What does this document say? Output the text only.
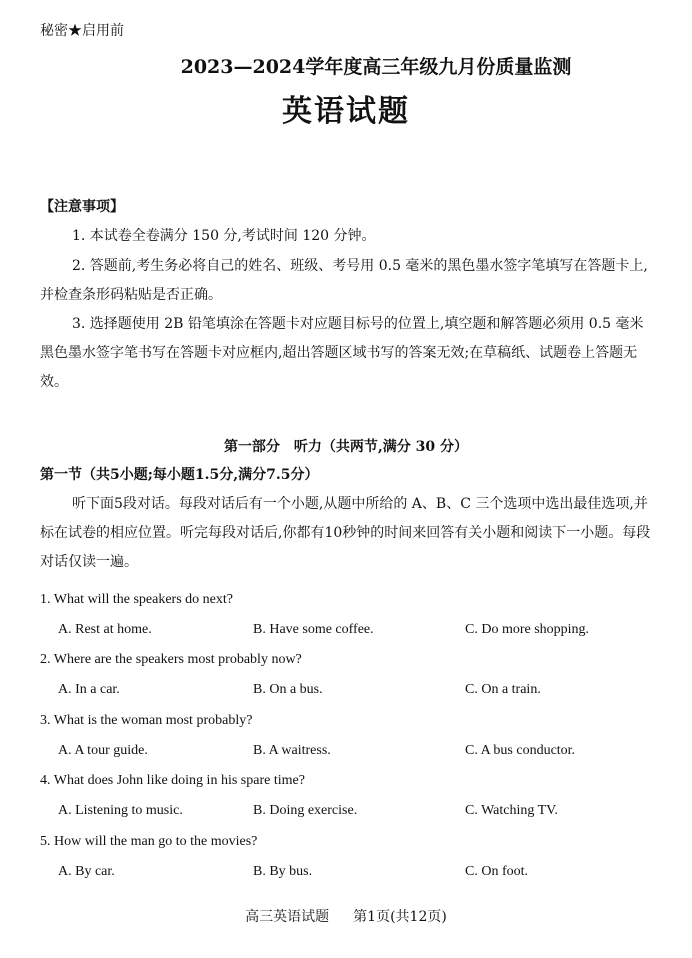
秘密★启用前
2023—2024学年度高三年级九月份质量监测
英语试题
【注意事项】
1. 本试卷全卷满分 150 分,考试时间 120 分钟。
2. 答题前,考生务必将自己的姓名、班级、考号用 0.5 毫米的黑色墨水签字笔填写在答题卡上,并检查条形码粘贴是否正确。
3. 选择题使用 2B 铅笔填涂在答题卡对应题目标号的位置上,填空题和解答题必须用 0.5 毫米黑色墨水签字笔书写在答题卡对应框内,超出答题区域书写的答案无效;在草稿纸、试题卷上答题无效。
第一部分　听力（共两节,满分 30 分）
第一节（共5小题;每小题1.5分,满分7.5分）
听下面5段对话。每段对话后有一个小题,从题中所给的 A、B、C 三个选项中选出最佳选项,并标在试卷的相应位置。听完每段对话后,你都有10秒钟的时间来回答有关小题和阅读下一小题。每段对话仅读一遍。
1. What will the speakers do next?
A. Rest at home.	B. Have some coffee.	C. Do more shopping.
2. Where are the speakers most probably now?
A. In a car.	B. On a bus.	C. On a train.
3. What is the woman most probably?
A. A tour guide.	B. A waitress.	C. A bus conductor.
4. What does John like doing in his spare time?
A. Listening to music.	B. Doing exercise.	C. Watching TV.
5. How will the man go to the movies?
A. By car.	B. By bus.	C. On foot.
高三英语试题 第1页(共12页)
